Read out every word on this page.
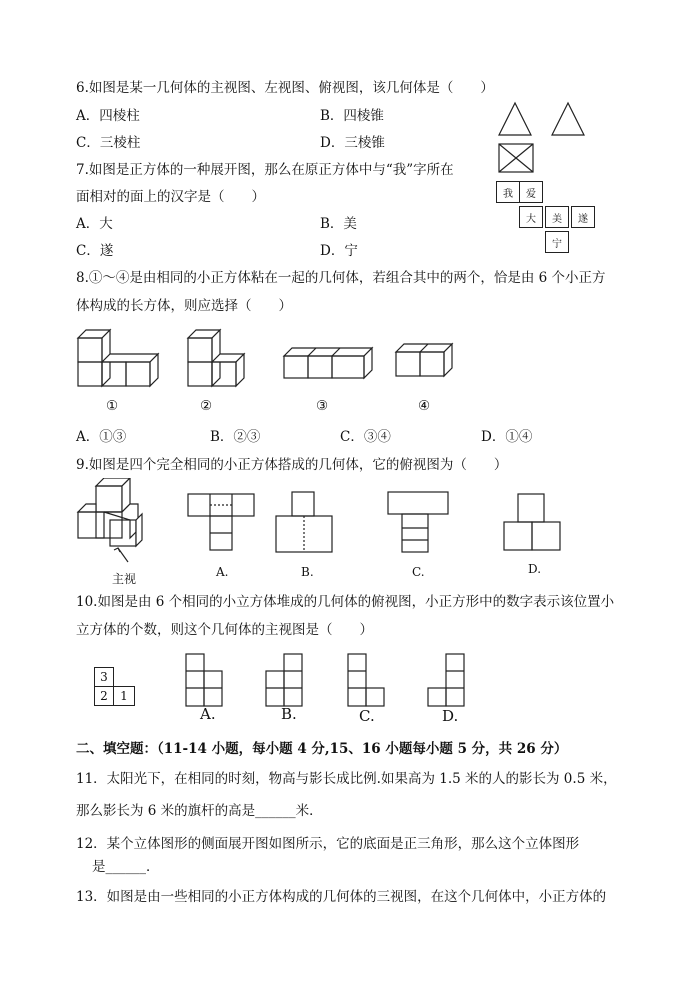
6.如图是某一几何体的主视图、左视图、俯视图，该几何体是（　　）
A．四棱柱	B．四棱锥
C．三棱柱	D．三棱锥
7.如图是正方体的一种展开图，那么在原正方体中与“我”字所在
面相对的面上的汉字是（　　）
A．大	B．美
C．遂	D．宁
我	爱
大	美	遂
宁
8.①～④是由相同的小正方体粘在一起的几何体，若组合其中的两个，恰是由 6 个小正方
体构成的长方体，则应选择（　　）
①	②	③	④
A．①③	B．②③	C．③④	D．①④
9.如图是四个完全相同的小正方体搭成的几何体，它的俯视图为（　　）
主视	A.	B.	C.	D.
10.如图是由 6 个相同的小立方体堆成的几何体的俯视图，小正方形中的数字表示该位置小
立方体的个数，则这个几何体的主视图是（　　）
3
2	1
A.	B.	C.	D.
二、填空题：（11-14 小题，每小题 4 分,15、16 小题每小题 5 分，共 26 分）
11．太阳光下，在相同的时刻，物高与影长成比例.如果高为 1.5 米的人的影长为 0.5 米，
那么影长为 6 米的旗杆的高是______米．
12．某个立体图形的侧面展开图如图所示，它的底面是正三角形，那么这个立体图形
是______．
13．如图是由一些相同的小正方体构成的几何体的三视图，在这个几何体中，小正方体的
